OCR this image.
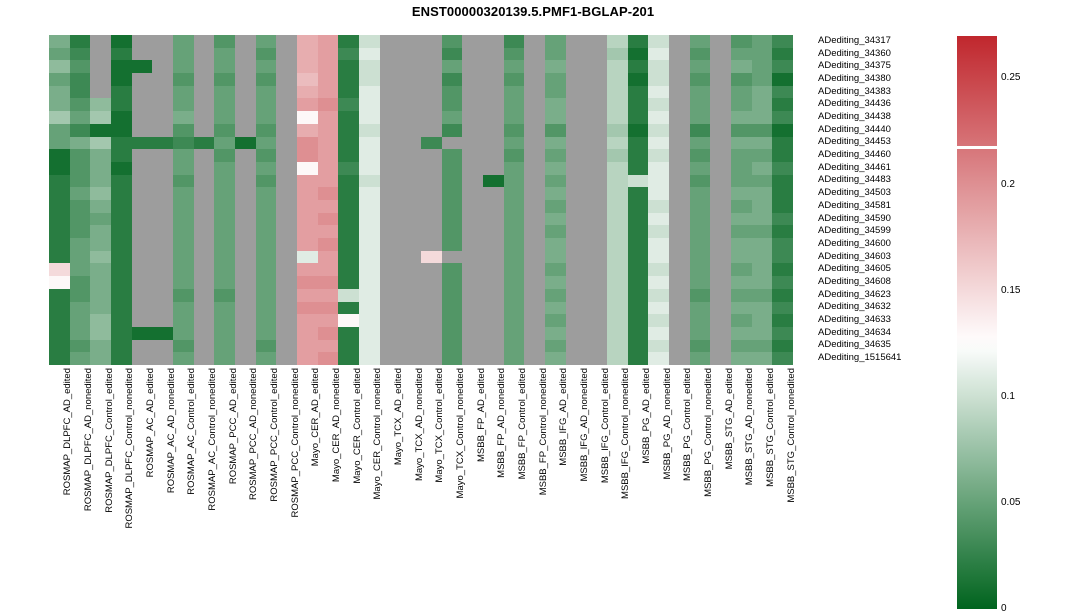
ENST00000320139.5.PMF1-BGLAP-201
ADediting_34317
ADediting_34360
ADediting_34375
ADediting_34380
ADediting_34383
ADediting_34436
ADediting_34438
ADediting_34440
ADediting_34453
ADediting_34460
ADediting_34461
ADediting_34483
ADediting_34503
ADediting_34581
ADediting_34590
ADediting_34599
ADediting_34600
ADediting_34603
ADediting_34605
ADediting_34608
ADediting_34623
ADediting_34632
ADediting_34633
ADediting_34634
ADediting_34635
ADediting_1515641
ROSMAP_DLPFC_AD_edited ROSMAP_DLPFC_AD_nonedited ROSMAP_DLPFC_Control_edited ROSMAP_DLPFC_Control_nonedited ROSMAP_AC_AD_edited ROSMAP_AC_AD_nonedited ROSMAP_AC_Control_edited ROSMAP_AC_Control_nonedited ROSMAP_PCC_AD_edited ROSMAP_PCC_AD_nonedited ROSMAP_PCC_Control_edited ROSMAP_PCC_Control_nonedited Mayo_CER_AD_edited Mayo_CER_AD_nonedited Mayo_CER_Control_edited Mayo_CER_Control_nonedited Mayo_TCX_AD_edited Mayo_TCX_AD_nonedited Mayo_TCX_Control_edited Mayo_TCX_Control_nonedited MSBB_FP_AD_edited MSBB_FP_AD_nonedited MSBB_FP_Control_edited MSBB_FP_Control_nonedited MSBB_IFG_AD_edited MSBB_IFG_AD_nonedited MSBB_IFG_Control_edited MSBB_IFG_Control_nonedited MSBB_PG_AD_edited MSBB_PG_AD_nonedited MSBB_PG_Control_edited MSBB_PG_Control_nonedited MSBB_STG_AD_edited MSBB_STG_AD_nonedited MSBB_STG_Control_edited MSBB_STG_Control_nonedited
0.25
0.2
0.15
0.1
0.05
0
